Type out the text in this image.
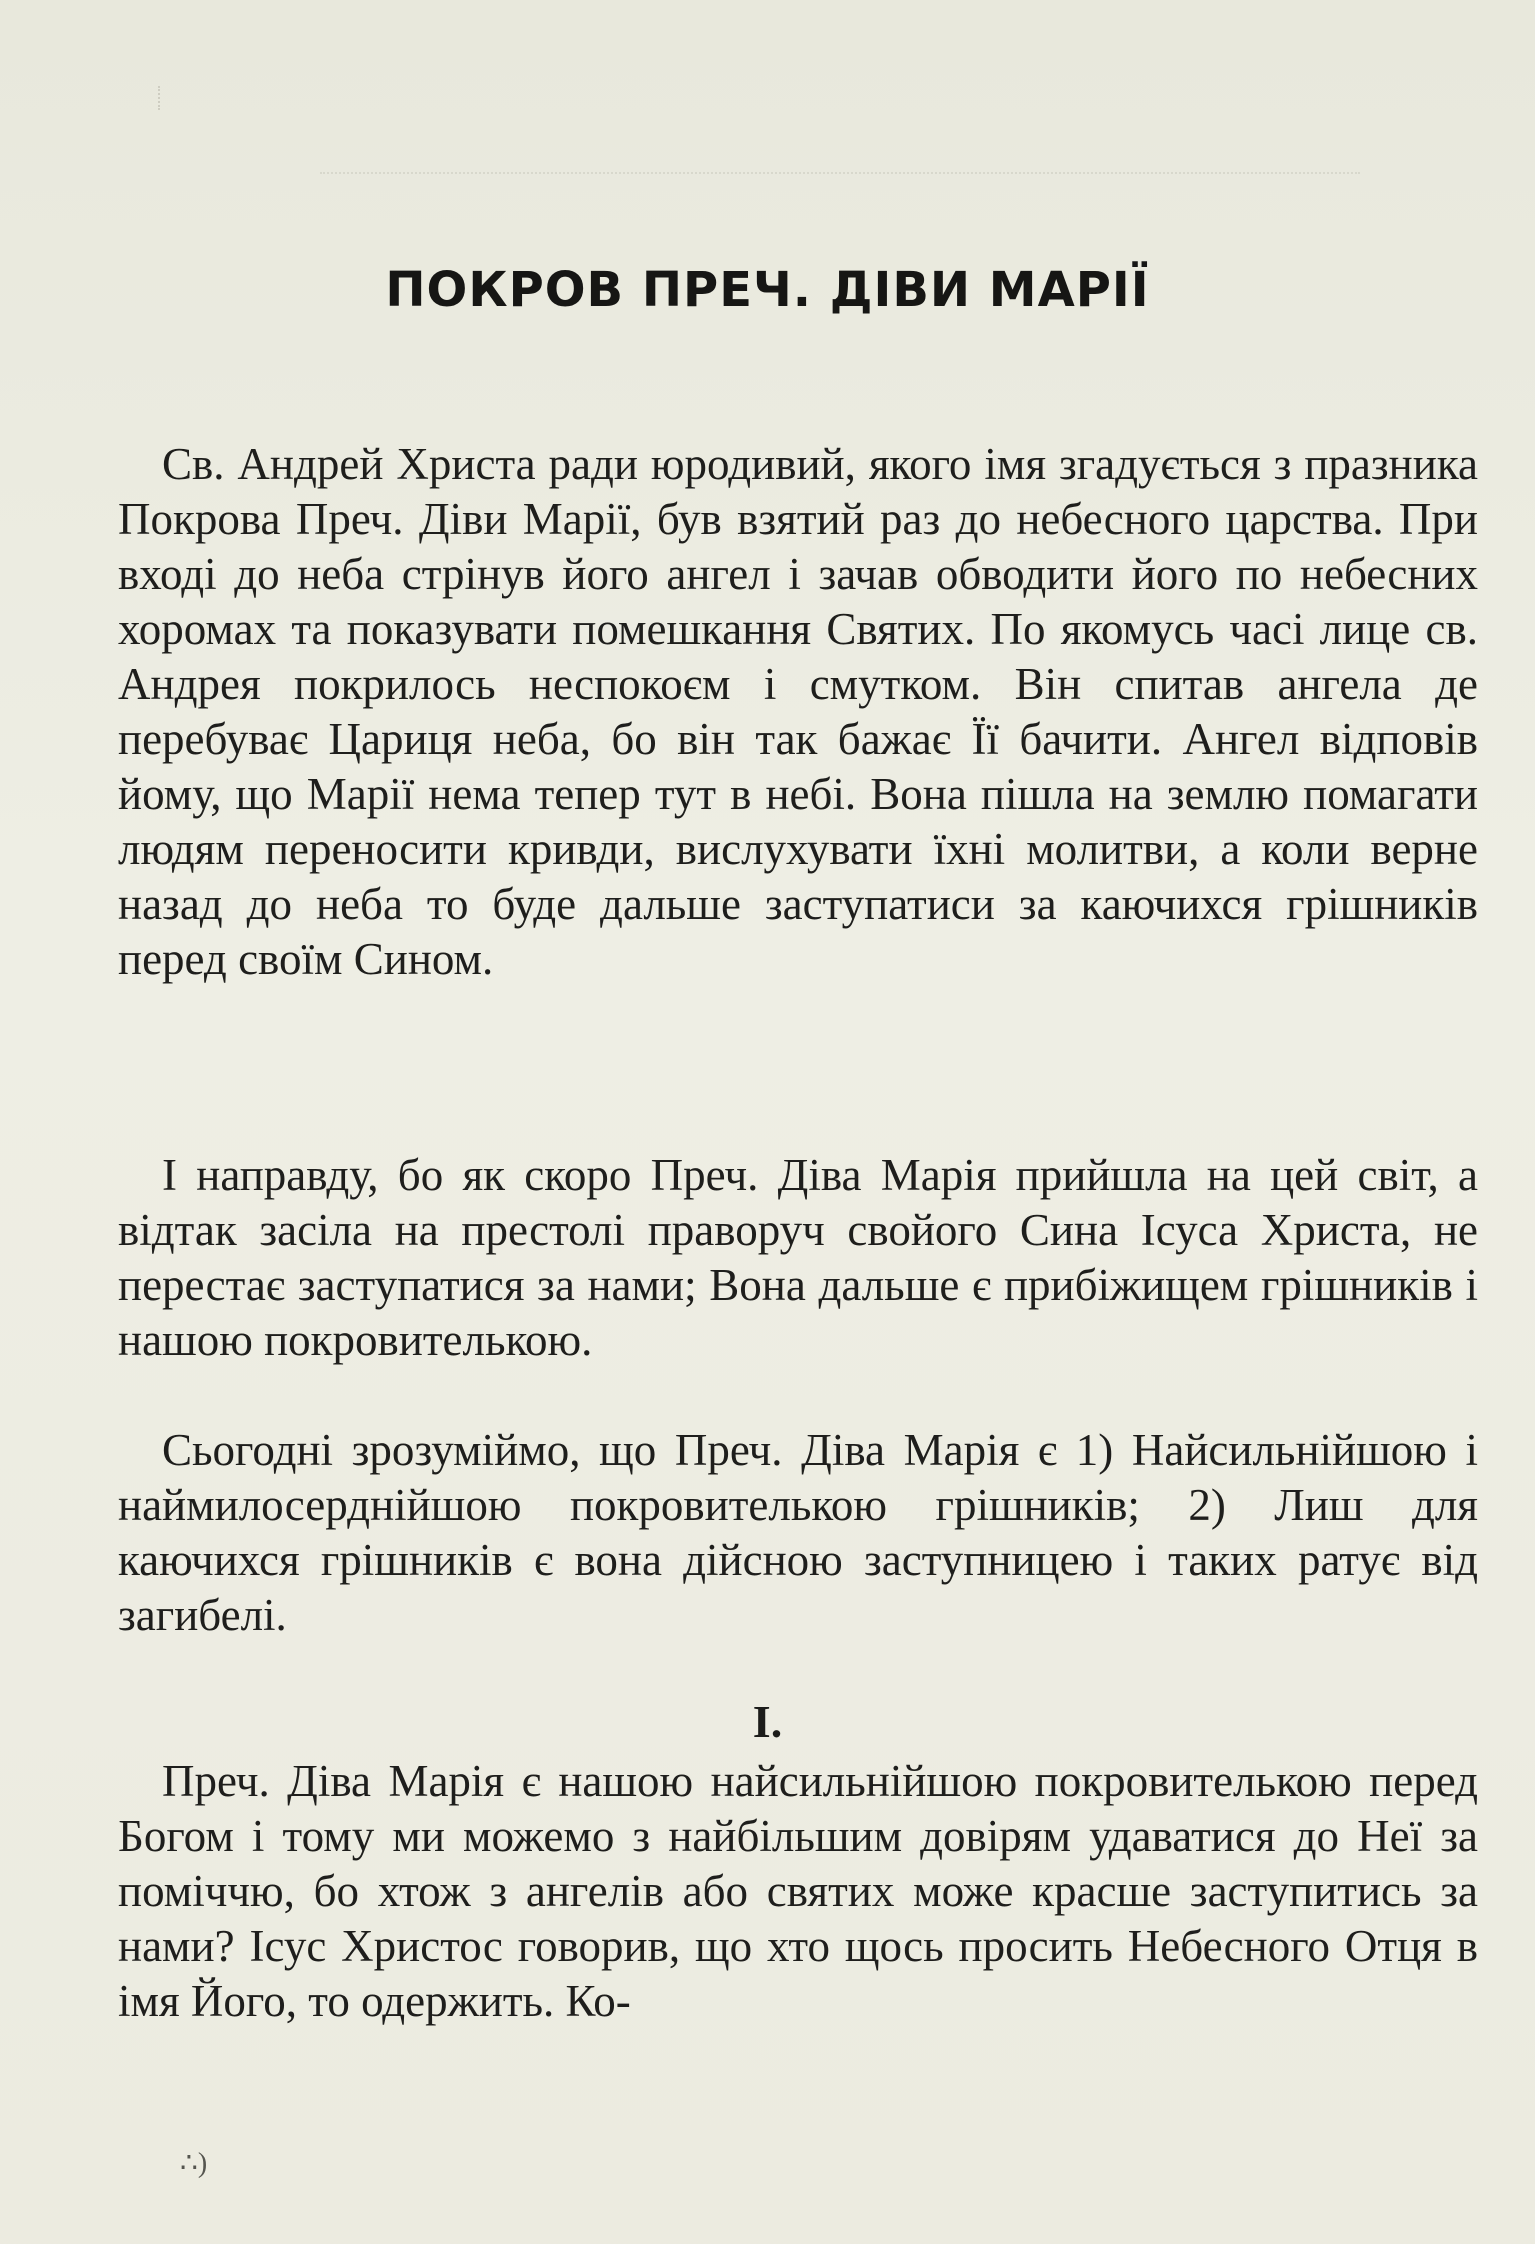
ПОКРОВ ПРЕЧ. ДІВИ МАРІЇ

Св. Андрей Христа ради юродивий, якого імя згадується з празника Покрова Преч. Діви Марії, був взятий раз до небесного царства. При вході до неба стрінув його ангел і зачав обводити його по небесних хоромах та показувати помешкання Святих. По якомусь часі лице св. Андрея покрилось неспокоєм і смутком. Він спитав ангела де перебуває Цариця неба, бо він так бажає Її бачити. Ангел відповів йому, що Марії нема тепер тут в небі. Вона пішла на землю помагати людям переносити кривди, вислухувати їхні молитви, а коли верне назад до неба то буде дальше заступатиси за каючихся грішників перед своїм Сином.

І направду, бо як скоро Преч. Діва Марія прийшла на цей світ, а відтак засіла на престолі праворуч свойого Сина Ісуса Христа, не перестає заступатися за нами; Вона дальше є прибіжищем грішників і нашою покровителькою.

Сьогодні зрозуміймо, що Преч. Діва Марія є 1) Найсильнійшою і наймилосерднійшою покровителькою грішників; 2) Лиш для каючихся грішників є вона дійсною заступницею і таких ратує від загибелі.

I.

Преч. Діва Марія є нашою найсильнійшою покровителькою перед Богом і тому ми можемо з найбільшим довірям удаватися до Неї за поміччю, бо хтож з ангелів або святих може красше заступитись за нами? Ісус Христос говорив, що хто щось просить Небесного Отця в імя Його, то одержить. Ко-

∴)
